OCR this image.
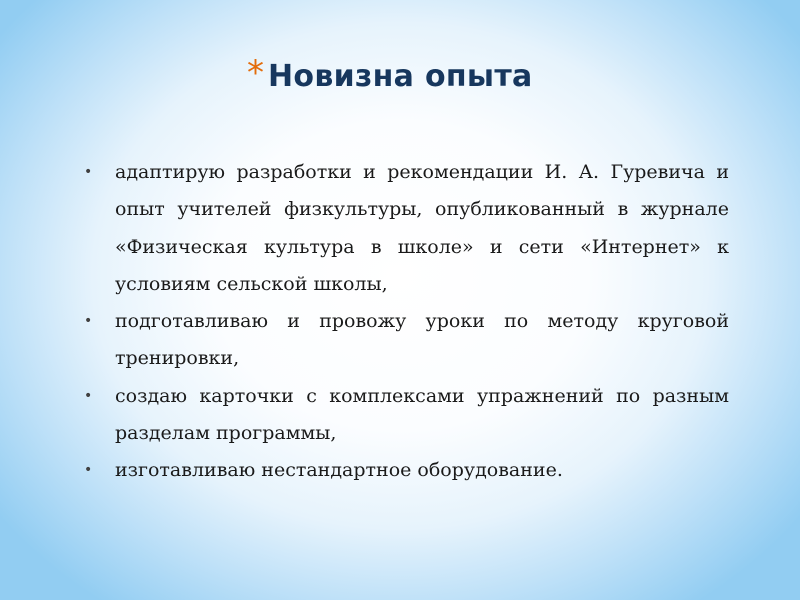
* Новизна опыта
• адаптирую разработки и рекомендации И. А. Гуревича и опыт учителей физкультуры, опубликованный в журнале «Физическая культура в школе» и сети «Интернет» к условиям сельской школы,
• подготавливаю и провожу уроки по методу круговой тренировки,
• создаю карточки с комплексами упражнений по разным разделам программы,
• изготавливаю нестандартное оборудование.
